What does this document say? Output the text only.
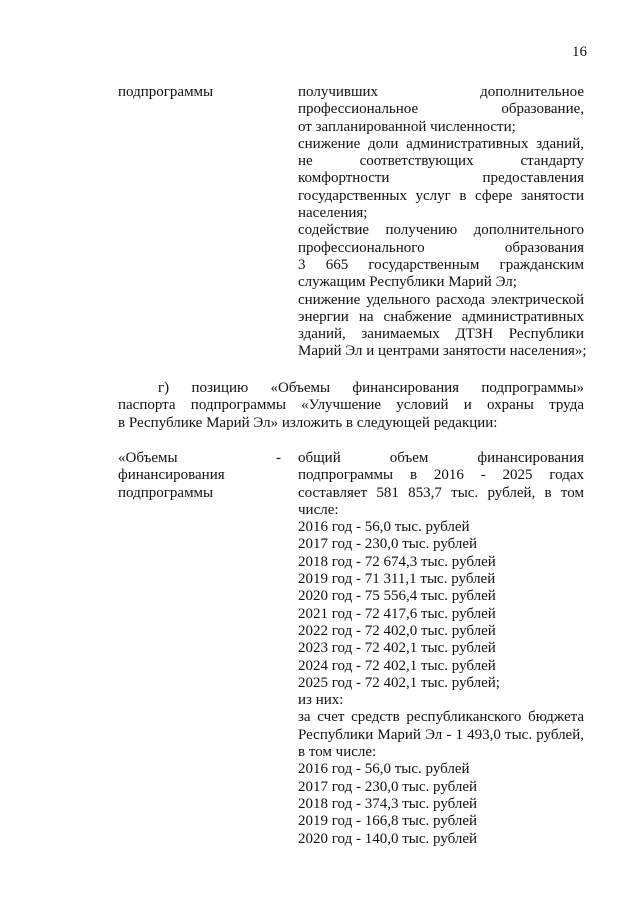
16
подпрограммы	получивших дополнительное
профессиональное образование,
от запланированной численности;
снижение доли административных зданий,
не соответствующих стандарту
комфортности предоставления
государственных услуг в сфере занятости
населения;
содействие получению дополнительного
профессионального образования
3 665 государственным гражданским
служащим Республики Марий Эл;
снижение удельного расхода электрической
энергии на снабжение административных
зданий, занимаемых ДТЗН Республики
Марий Эл и центрами занятости населения»;
г) позицию «Объемы финансирования подпрограммы»
паспорта подпрограммы «Улучшение условий и охраны труда
в Республике Марий Эл» изложить в следующей редакции:
«Объемы
финансирования
подпрограммы
- общий объем финансирования
подпрограммы в 2016 - 2025 годах
составляет 581 853,7 тыс. рублей, в том
числе:
2016 год - 56,0 тыс. рублей
2017 год - 230,0 тыс. рублей
2018 год - 72 674,3 тыс. рублей
2019 год - 71 311,1 тыс. рублей
2020 год - 75 556,4 тыс. рублей
2021 год - 72 417,6 тыс. рублей
2022 год - 72 402,0 тыс. рублей
2023 год - 72 402,1 тыс. рублей
2024 год - 72 402,1 тыс. рублей
2025 год - 72 402,1 тыс. рублей;
из них:
за счет средств республиканского бюджета
Республики Марий Эл - 1 493,0 тыс. рублей,
в том числе:
2016 год - 56,0 тыс. рублей
2017 год - 230,0 тыс. рублей
2018 год - 374,3 тыс. рублей
2019 год - 166,8 тыс. рублей
2020 год - 140,0 тыс. рублей
